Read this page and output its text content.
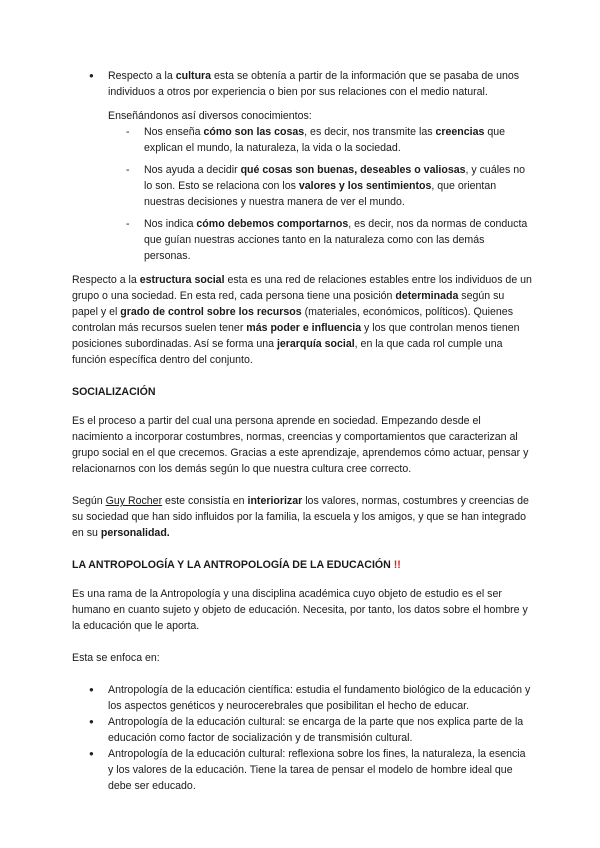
● Respecto a la cultura esta se obtenía a partir de la información que se pasaba de unos individuos a otros por experiencia o bien por sus relaciones con el medio natural.

Enseñándonos así diversos conocimientos:

- Nos enseña cómo son las cosas, es decir, nos transmite las creencias que explican el mundo, la naturaleza, la vida o la sociedad.
- Nos ayuda a decidir qué cosas son buenas, deseables o valiosas, y cuáles no lo son. Esto se relaciona con los valores y los sentimientos, que orientan nuestras decisiones y nuestra manera de ver el mundo.
- Nos indica cómo debemos comportarnos, es decir, nos da normas de conducta que guían nuestras acciones tanto en la naturaleza como con las demás personas.

Respecto a la estructura social esta es una red de relaciones estables entre los individuos de un grupo o una sociedad. En esta red, cada persona tiene una posición determinada según su papel y el grado de control sobre los recursos (materiales, económicos, políticos). Quienes controlan más recursos suelen tener más poder e influencia y los que controlan menos tienen posiciones subordinadas. Así se forma una jerarquía social, en la que cada rol cumple una función específica dentro del conjunto.

SOCIALIZACIÓN

Es el proceso a partir del cual una persona aprende en sociedad. Empezando desde el nacimiento a incorporar costumbres, normas, creencias y comportamientos que caracterizan al grupo social en el que crecemos. Gracias a este aprendizaje, aprendemos cómo actuar, pensar y relacionarnos con los demás según lo que nuestra cultura cree correcto.

Según Guy Rocher este consistía en interiorizar los valores, normas, costumbres y creencias de su sociedad que han sido influidos por la familia, la escuela y los amigos, y que se han integrado en su personalidad.

LA ANTROPOLOGÍA Y LA ANTROPOLOGÍA DE LA EDUCACIÓN !!

Es una rama de la Antropología y una disciplina académica cuyo objeto de estudio es el ser humano en cuanto sujeto y objeto de educación. Necesita, por tanto, los datos sobre el hombre y la educación que le aporta.

Esta se enfoca en:

● Antropología de la educación científica: estudia el fundamento biológico de la educación y los aspectos genéticos y neurocerebrales que posibilitan el hecho de educar.
● Antropología de la educación cultural: se encarga de la parte que nos explica parte de la educación como factor de socialización y de transmisión cultural.
● Antropología de la educación cultural: reflexiona sobre los fines, la naturaleza, la esencia y los valores de la educación. Tiene la tarea de pensar el modelo de hombre ideal que debe ser educado.
